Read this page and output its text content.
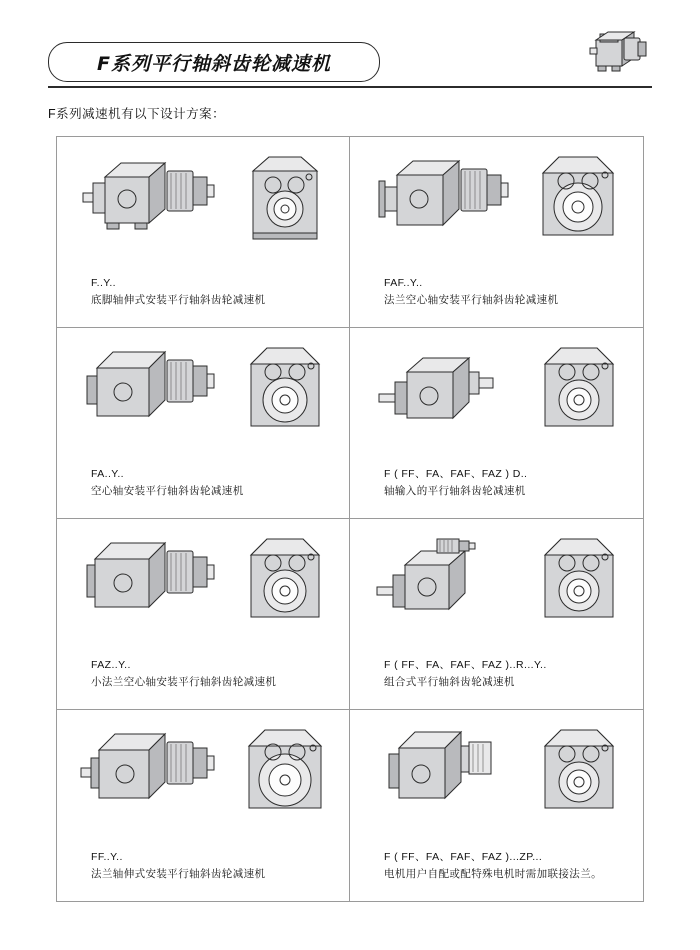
F系列平行轴斜齿轮减速机
F系列减速机有以下设计方案：
F..Y..
底脚轴伸式安装平行轴斜齿轮减速机
FAF..Y..
法兰空心轴安装平行轴斜齿轮减速机
FA..Y..
空心轴安装平行轴斜齿轮减速机
F ( FF、FA、FAF、FAZ ) D..
轴输入的平行轴斜齿轮减速机
FAZ..Y..
小法兰空心轴安装平行轴斜齿轮减速机
F ( FF、FA、FAF、FAZ )..R...Y..
组合式平行轴斜齿轮减速机
FF..Y..
法兰轴伸式安装平行轴斜齿轮减速机
F ( FF、FA、FAF、FAZ )...ZP...
电机用户自配或配特殊电机时需加联接法兰。
